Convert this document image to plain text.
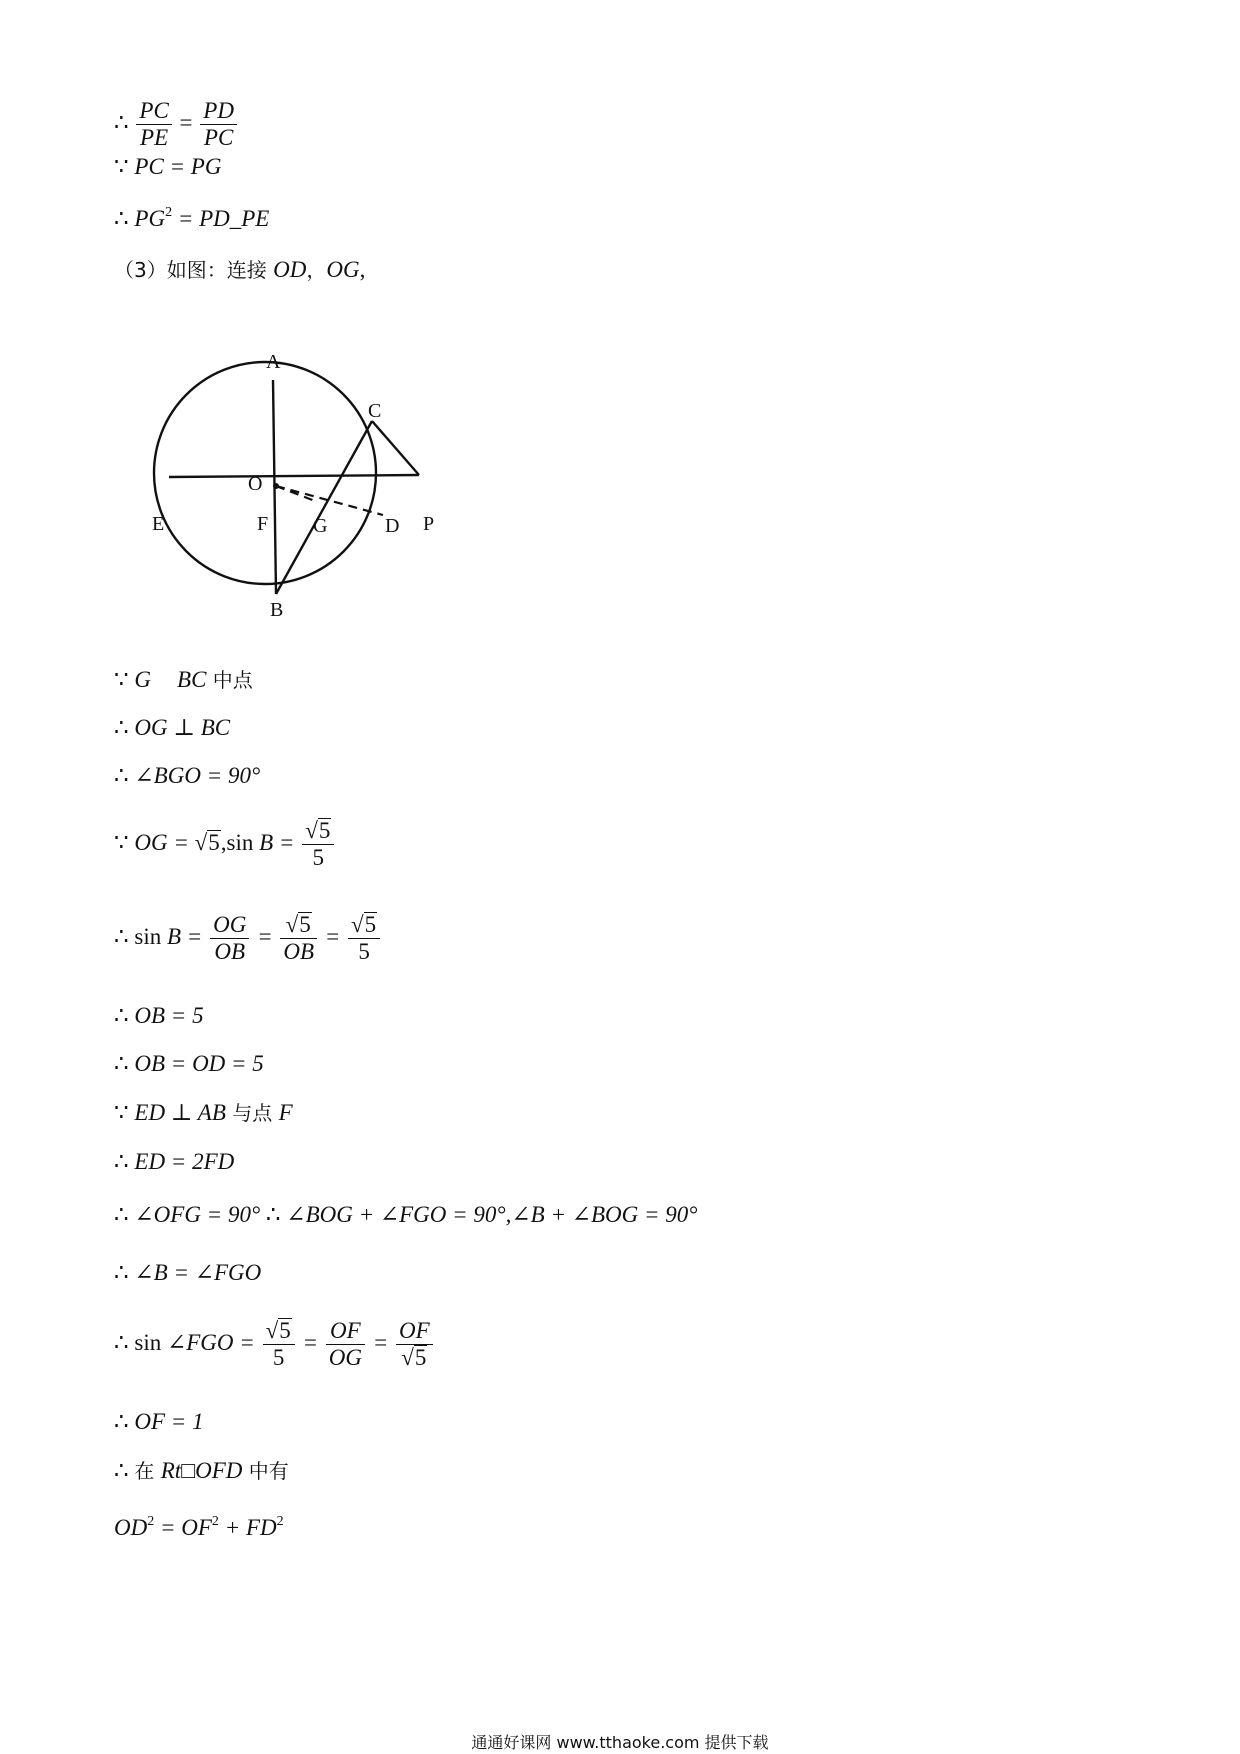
∴ $\frac{PC}{PE} = \frac{PD}{PC}$
∵ PC = PG
∴ $PG^2$ = PD_PE
（3）如图：连接 OD，OG,
A
C
O
E	F G	D P
B
∵ G BC 中点
∴ OG ⊥ BC
∴ ∠BGO = 90°
∵ OG = √5,sin $B = \frac{√5}{5}$
∴ $\sin B = \frac{OG}{OB} = \frac{√5}{OB} = \frac{√5}{5}$
∴ OB = 5
∴ OB = OD = 5
∵ ED ⊥ AB 与点 F
∴ ED = 2FD
∴ ∠OFG = 90° ∴ ∠BOG + ∠FGO = 90°,∠B + ∠BOG = 90°
∴ ∠B = ∠FGO
∴ sin ∠FGO = $\frac{√5}{5} = \frac{OF}{OG} = \frac{OF}{√5}$
∴ OF = 1
∴ 在 Rt□OFD 中有
$OD^2 = OF^2 + FD^2$
通通好课网 www.tthaoke.com 提供下载
